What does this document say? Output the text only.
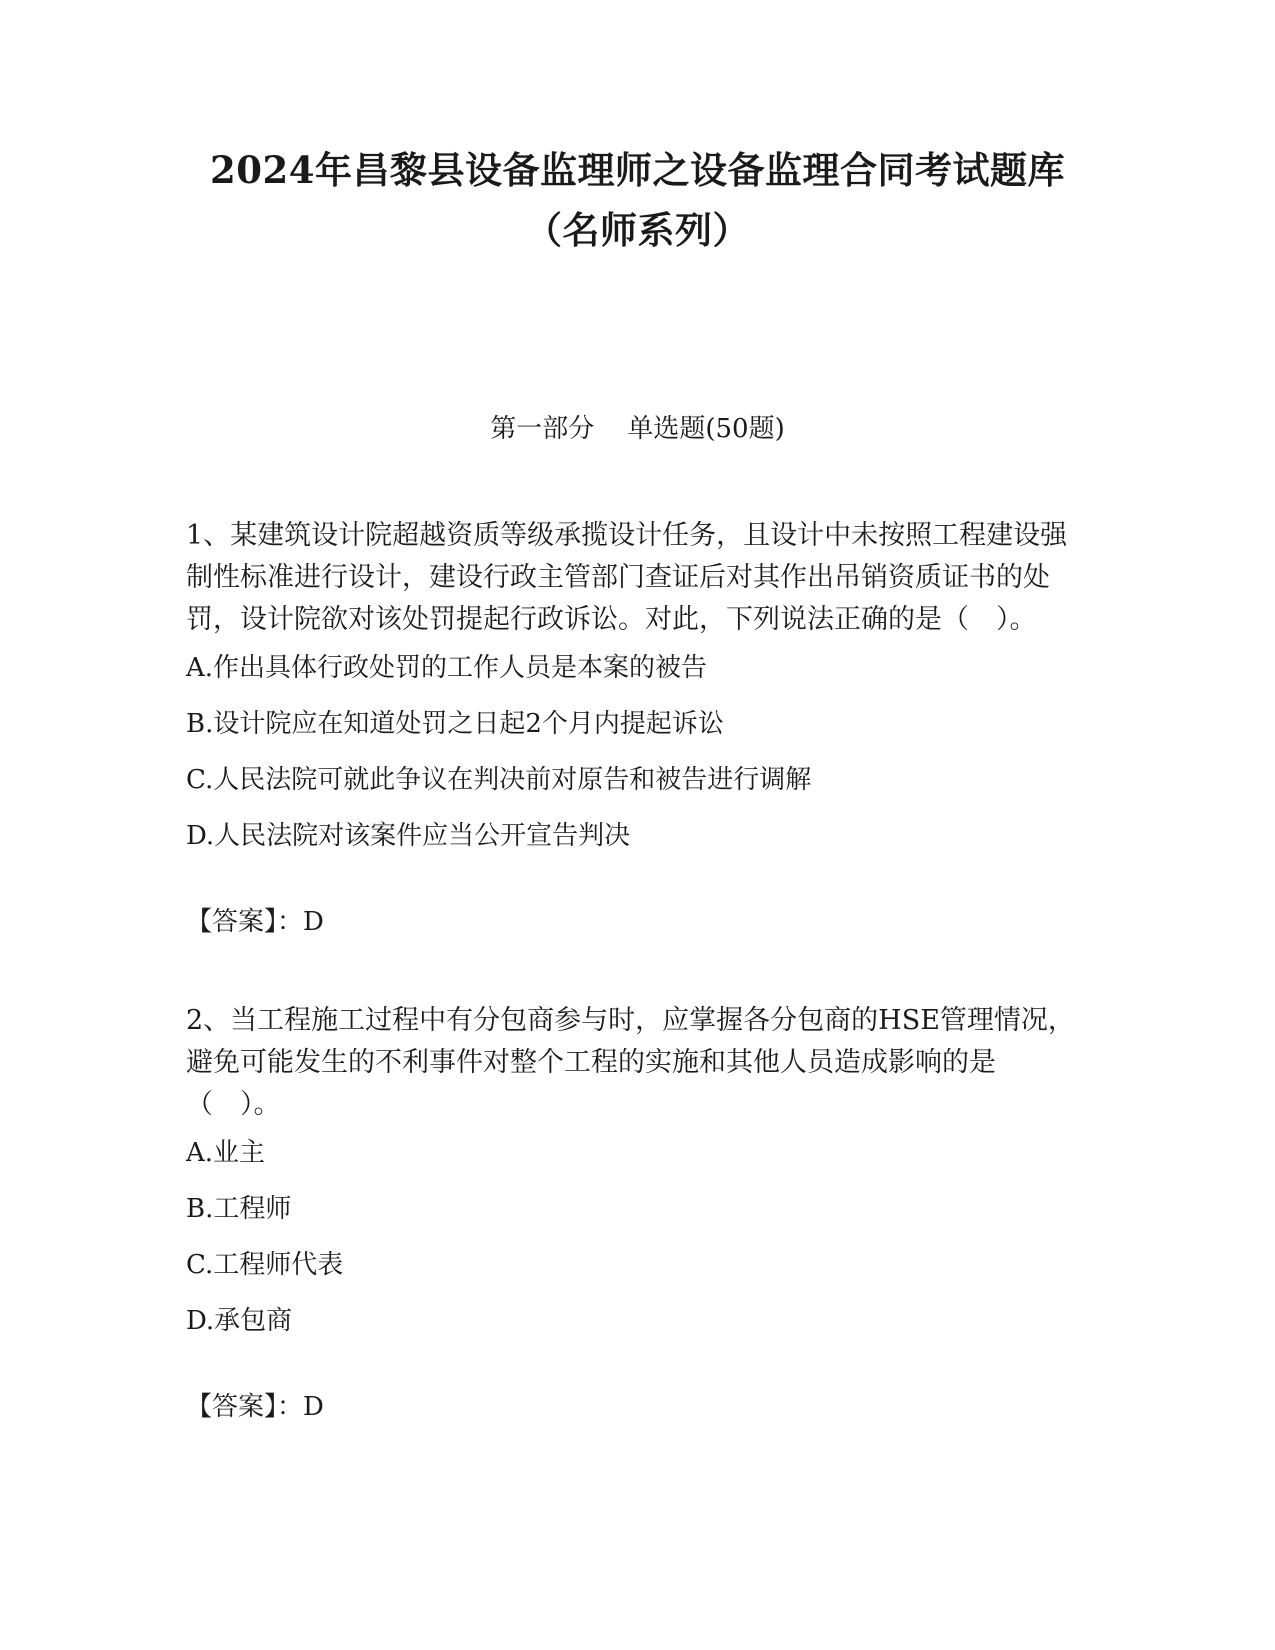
2024年昌黎县设备监理师之设备监理合同考试题库（名师系列）
第一部分    单选题(50题)
1、某建筑设计院超越资质等级承揽设计任务，且设计中未按照工程建设强制性标准进行设计，建设行政主管部门查证后对其作出吊销资质证书的处罚，设计院欲对该处罚提起行政诉讼。对此，下列说法正确的是（　）。
A.作出具体行政处罚的工作人员是本案的被告
B.设计院应在知道处罚之日起2个月内提起诉讼
C.人民法院可就此争议在判决前对原告和被告进行调解
D.人民法院对该案件应当公开宣告判决
【答案】：D
2、当工程施工过程中有分包商参与时，应掌握各分包商的HSE管理情况，避免可能发生的不利事件对整个工程的实施和其他人员造成影响的是（　）。
A.业主
B.工程师
C.工程师代表
D.承包商
【答案】：D
